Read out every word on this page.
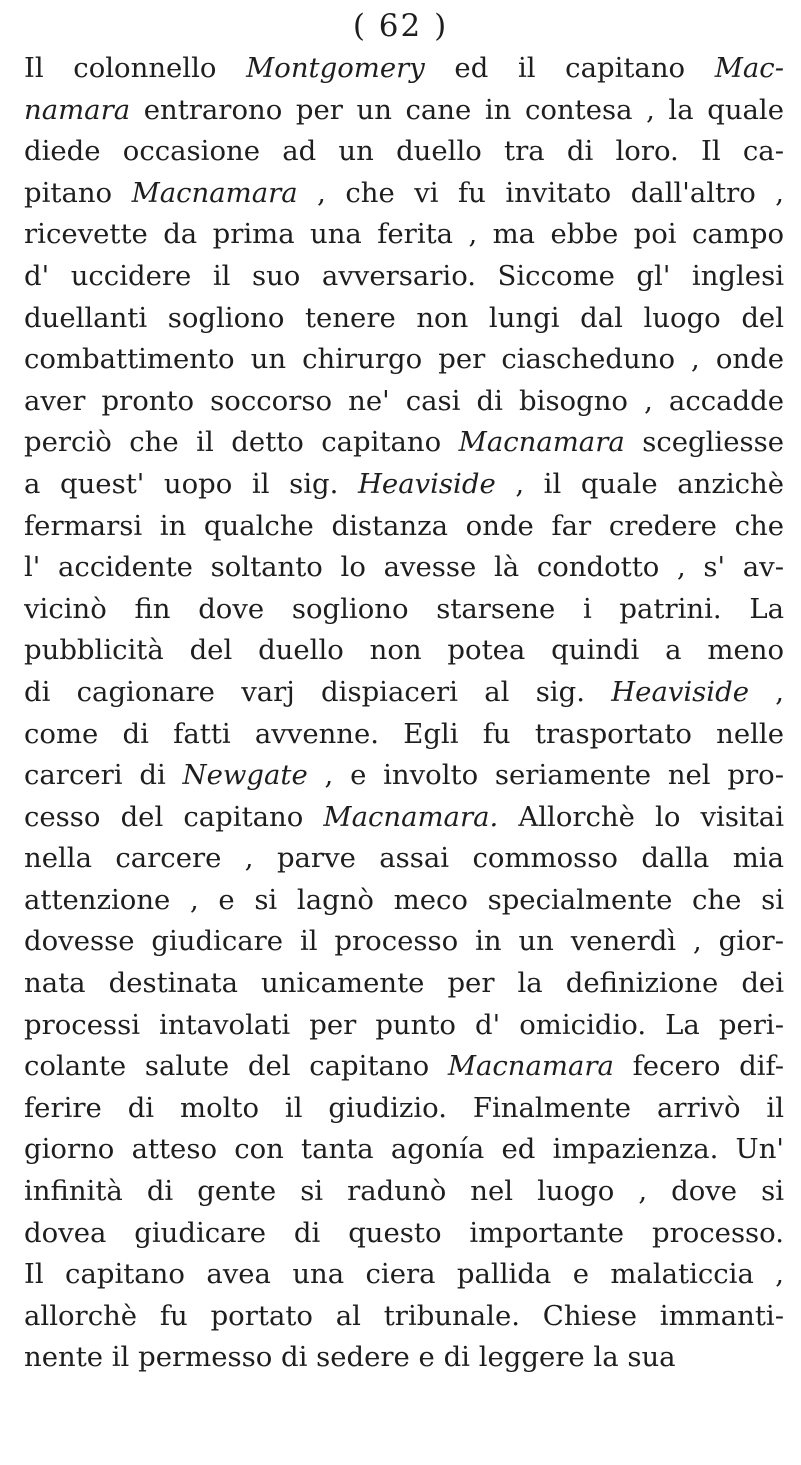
( 62 )
Il colonnello Montgomery ed il capitano Mac-
namara entrarono per un cane in contesa , la quale
diede occasione ad un duello tra di loro. Il ca-
pitano Macnamara , che vi fu invitato dall'altro ,
ricevette da prima una ferita , ma ebbe poi campo
d' uccidere il suo avversario. Siccome gl' inglesi
duellanti sogliono tenere non lungi dal luogo del
combattimento un chirurgo per ciascheduno , onde
aver pronto soccorso ne' casi di bisogno , accadde
perciò che il detto capitano Macnamara scegliesse
a quest' uopo il sig. Heaviside , il quale anzichè
fermarsi in qualche distanza onde far credere che
l' accidente soltanto lo avesse là condotto , s' av-
vicinò fin dove sogliono starsene i patrini. La
pubblicità del duello non potea quindi a meno
di cagionare varj dispiaceri al sig. Heaviside ,
come di fatti avvenne. Egli fu trasportato nelle
carceri di Newgate , e involto seriamente nel pro-
cesso del capitano Macnamara. Allorchè lo visitai
nella carcere , parve assai commosso dalla mia
attenzione , e si lagnò meco specialmente che si
dovesse giudicare il processo in un venerdì , gior-
nata destinata unicamente per la definizione dei
processi intavolati per punto d' omicidio. La peri-
colante salute del capitano Macnamara fecero dif-
ferire di molto il giudizio. Finalmente arrivò il
giorno atteso con tanta agonía ed impazienza. Un'
infinità di gente si radunò nel luogo , dove si
dovea giudicare di questo importante processo.
Il capitano avea una ciera pallida e malaticcia ,
allorchè fu portato al tribunale. Chiese immanti-
nente il permesso di sedere e di leggere la sua
